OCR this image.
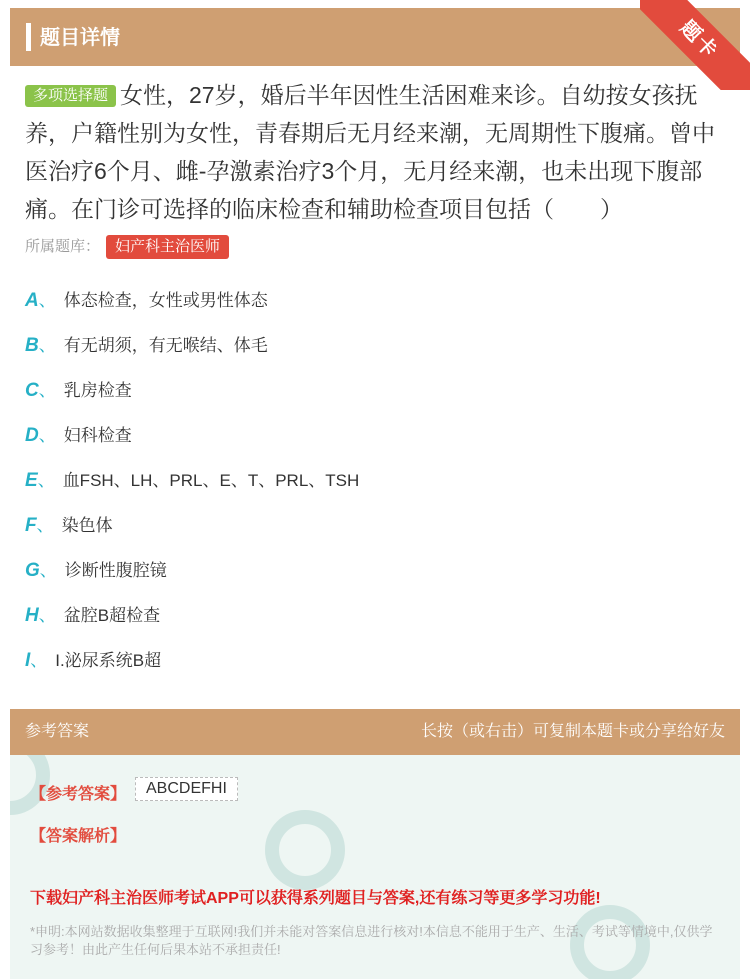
题目详情	题卡
多项选择题 女性，27岁，婚后半年因性生活困难来诊。自幼按女孩抚养，户籍性别为女性，青春期后无月经来潮，无周期性下腹痛。曾中医治疗6个月、雌-孕激素治疗3个月，无月经来潮，也未出现下腹部痛。在门诊可选择的临床检查和辅助检查项目包括（　　）
所属题库： 妇产科主治医师
A、 体态检查，女性或男性体态
B、 有无胡须，有无喉结、体毛
C、 乳房检查
D、 妇科检查
E、 血FSH、LH、PRL、E、T、PRL、TSH
F、 染色体
G、 诊断性腹腔镜
H、 盆腔B超检查
I、 I.泌尿系统B超
参考答案	长按（或右击）可复制本题卡或分享给好友
【参考答案】	ABCDEFHI
【答案解析】
下载妇产科主治医师考试APP可以获得系列题目与答案,还有练习等更多学习功能!
*申明:本网站数据收集整理于互联网!我们并未能对答案信息进行核对!本信息不能用于生产、生活、考试等情境中,仅供学习参考！由此产生任何后果本站不承担责任!
